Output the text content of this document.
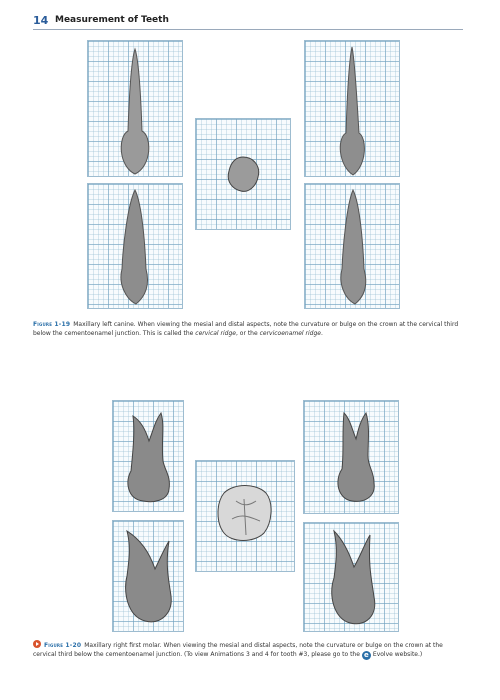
14 Measurement of Teeth
Figure 1-19 Maxillary left canine. When viewing the mesial and distal aspects, note the curvature or bulge on the crown at the cervical third below the cementoenamel junction. This is called the cervical ridge, or the cervicoenamel ridge.
Figure 1-20 Maxillary right first molar. When viewing the mesial and distal aspects, note the curvature or bulge on the crown at the cervical third below the cementoenamel junction. (To view Animations 3 and 4 for tooth #3, please go to the e Evolve website.)
